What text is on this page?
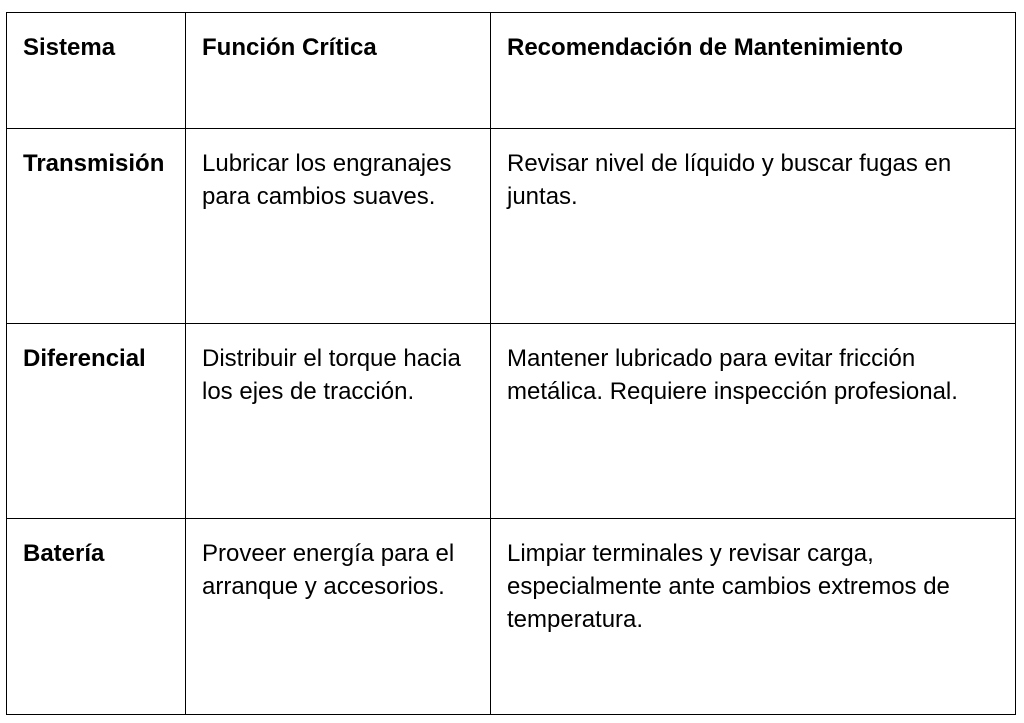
Sistema	Función Crítica	Recomendación de Mantenimiento
Transmisión	Lubricar los engranajes para cambios suaves.	Revisar nivel de líquido y buscar fugas en juntas.
Diferencial	Distribuir el torque hacia los ejes de tracción.	Mantener lubricado para evitar fricción metálica. Requiere inspección profesional.
Batería	Proveer energía para el arranque y accesorios.	Limpiar terminales y revisar carga, especialmente ante cambios extremos de temperatura.
